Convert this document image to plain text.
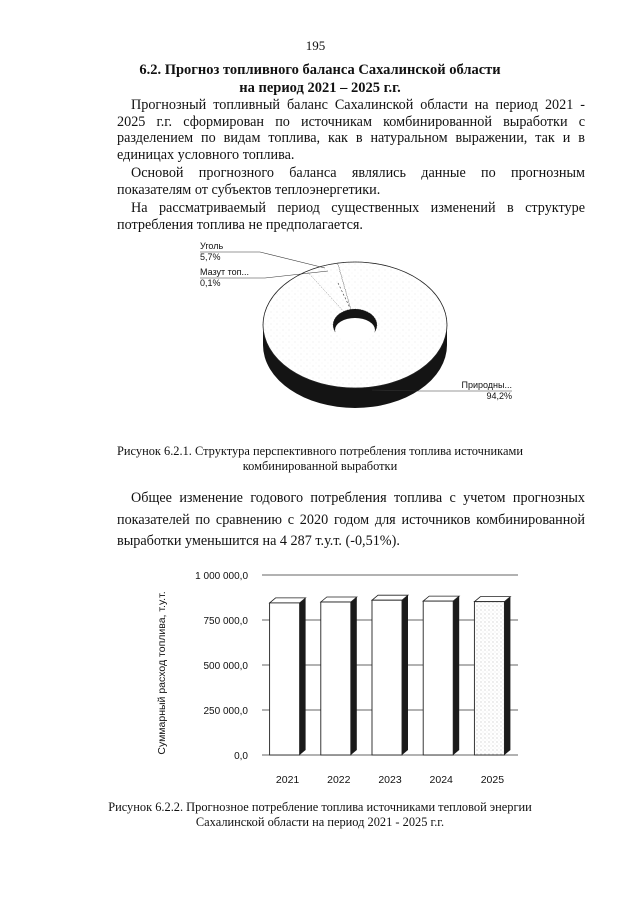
195
6.2. Прогноз топливного баланса Сахалинской области
на период 2021 – 2025 г.г.
Прогнозный топливный баланс Сахалинской области на период 2021 - 2025 г.г. сформирован по источникам комбинированной выработки с разделением по видам топлива, как в натуральном выражении, так и в единицах условного топлива.
Основой прогнозного баланса являлись данные по прогнозным показателям от субъектов теплоэнергетики.
На рассматриваемый период существенных изменений в структуре потребления топлива не предполагается.
Уголь
5,7%
Мазут топ...
0,1%
Природны...
94,2%
Рисунок 6.2.1. Структура перспективного потребления топлива источниками комбинированной выработки
Общее изменение годового потребления топлива с учетом прогнозных показателей по сравнению с 2020 годом для источников комбинированной выработки уменьшится на 4 287 т.у.т. (-0,51%).
Суммарный расход топлива, т.у.т.
0,0
250 000,0
500 000,0
750 000,0
1 000 000,0
2021	2022	2023	2024	2025
Рисунок 6.2.2. Прогнозное потребление топлива источниками тепловой энергии Сахалинской области на период 2021 - 2025 г.г.
